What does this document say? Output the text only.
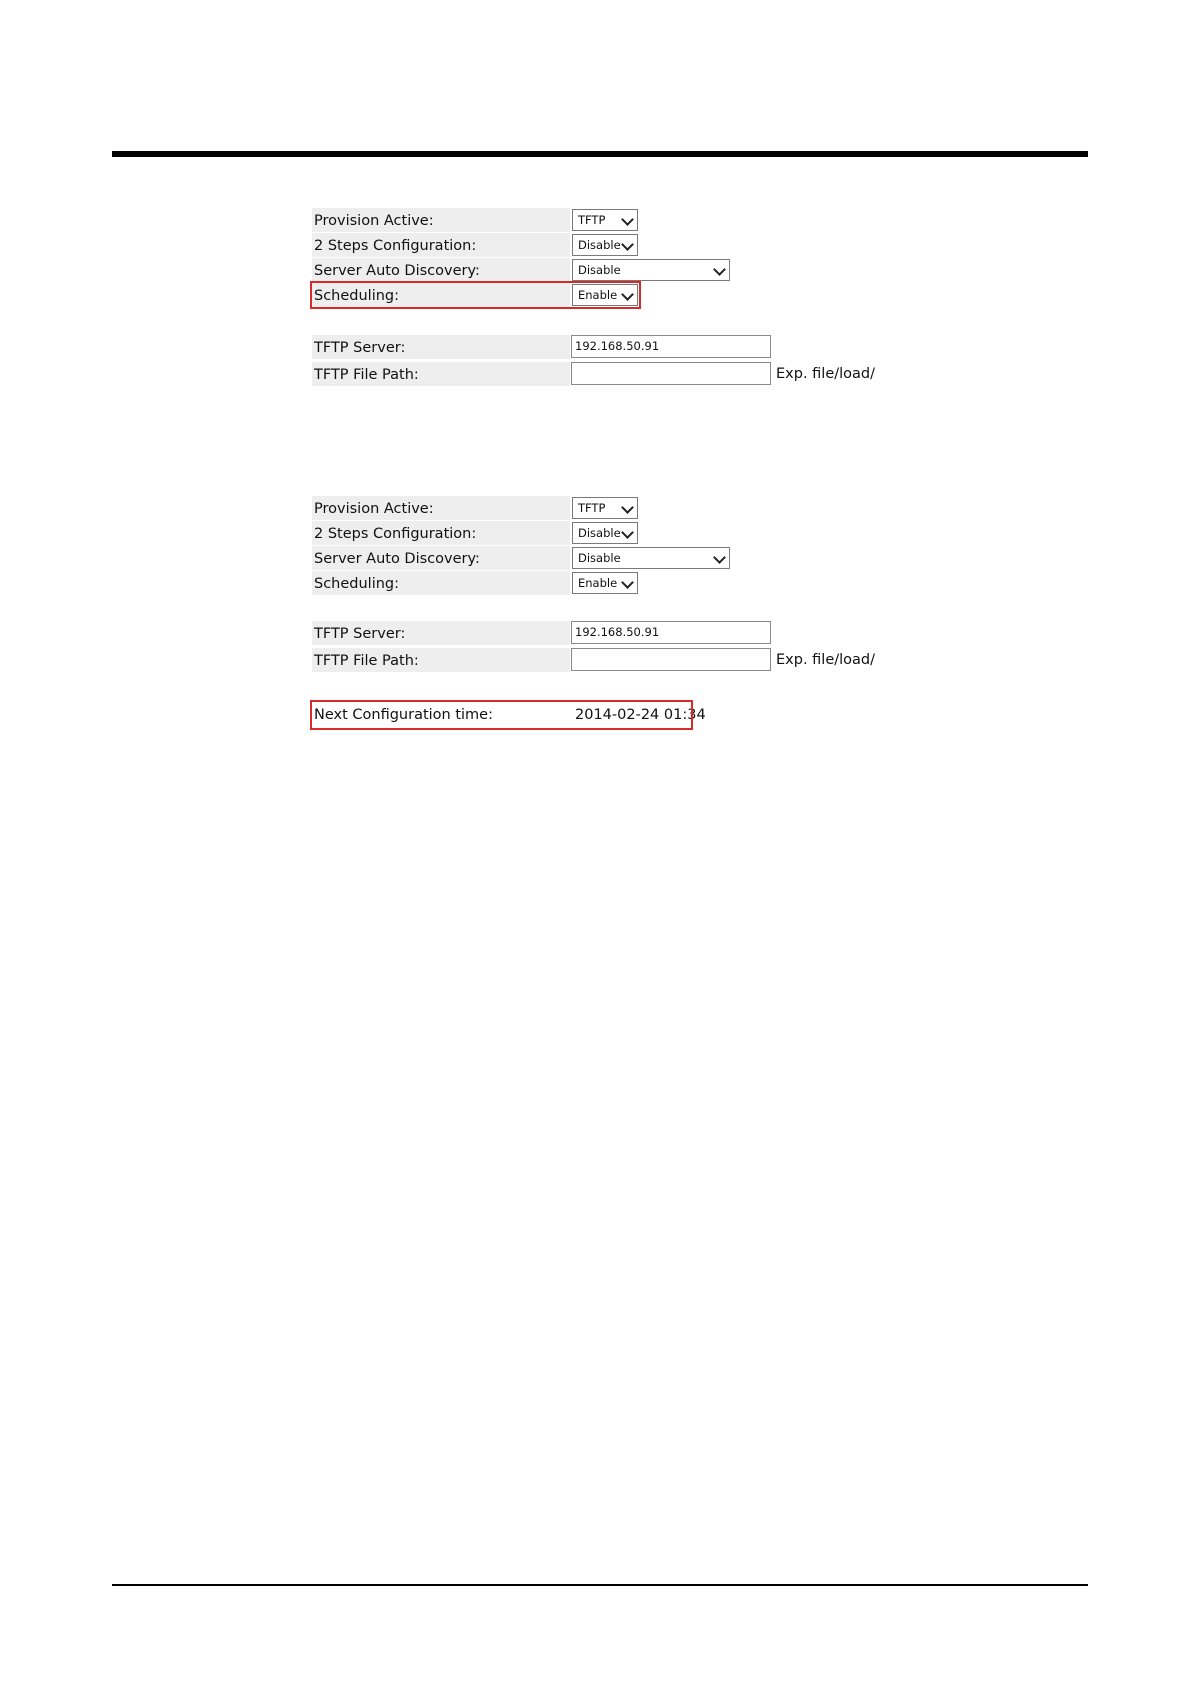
Provision Active:	TFTP
2 Steps Configuration:	Disable
Server Auto Discovery:	Disable
Scheduling:	Enable
TFTP Server:	192.168.50.91
TFTP File Path:	Exp. file/load/
Provision Active:	TFTP
2 Steps Configuration:	Disable
Server Auto Discovery:	Disable
Scheduling:	Enable
TFTP Server:	192.168.50.91
TFTP File Path:	Exp. file/load/
Next Configuration time:	2014-02-24 01:34
